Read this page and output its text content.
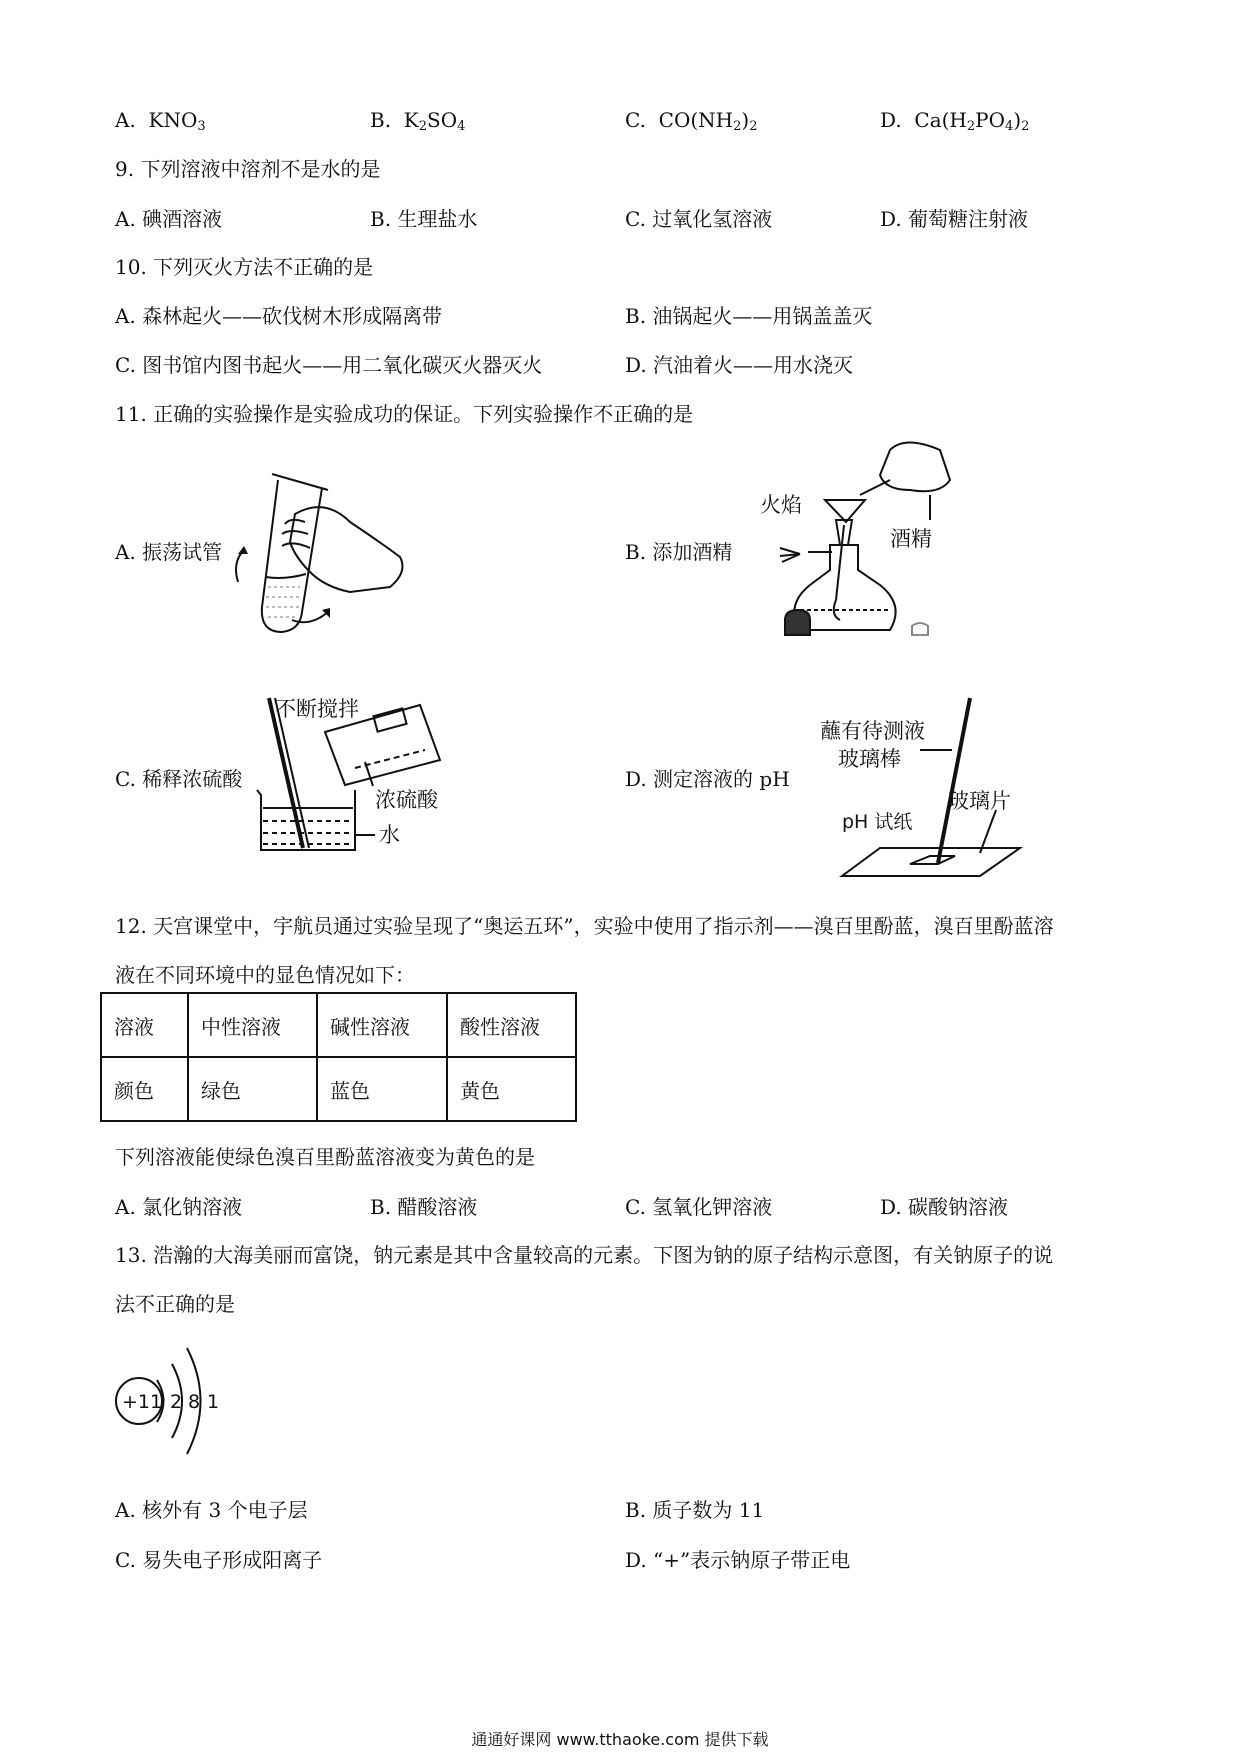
A. $KNO_3$	B. $K_2SO_4$	C. $CO(NH_2)_2$	D. $Ca(H_2PO_4)_2$
9. 下列溶液中溶剂不是水的是
A. 碘酒溶液	B. 生理盐水	C. 过氧化氢溶液	D. 葡萄糖注射液
10. 下列灭火方法不正确的是
A. 森林起火——砍伐树木形成隔离带	B. 油锅起火——用锅盖盖灭
C. 图书馆内图书起火——用二氧化碳灭火器灭火	D. 汽油着火——用水浇灭
11. 正确的实验操作是实验成功的保证。下列实验操作不正确的是
A. 振荡试管	B. 添加酒精
C. 稀释浓硫酸	D. 测定溶液的 pH
火焰
酒精
不断搅拌
浓硫酸
水
蘸有待测液
玻璃棒
pH 试纸
玻璃片
12. 天宫课堂中，宇航员通过实验呈现了“奥运五环”，实验中使用了指示剂——溴百里酚蓝，溴百里酚蓝溶
液在不同环境中的显色情况如下：
溶液	中性溶液	碱性溶液	酸性溶液
颜色	绿色	蓝色	黄色
下列溶液能使绿色溴百里酚蓝溶液变为黄色的是
A. 氯化钠溶液	B. 醋酸溶液	C. 氢氧化钾溶液	D. 碳酸钠溶液
13. 浩瀚的大海美丽而富饶，钠元素是其中含量较高的元素。下图为钠的原子结构示意图，有关钠原子的说
法不正确的是
+11 2 8 1
A. 核外有 3 个电子层	B. 质子数为 11
C. 易失电子形成阳离子	D. “+”表示钠原子带正电
通通好课网 www.tthaoke.com 提供下载
